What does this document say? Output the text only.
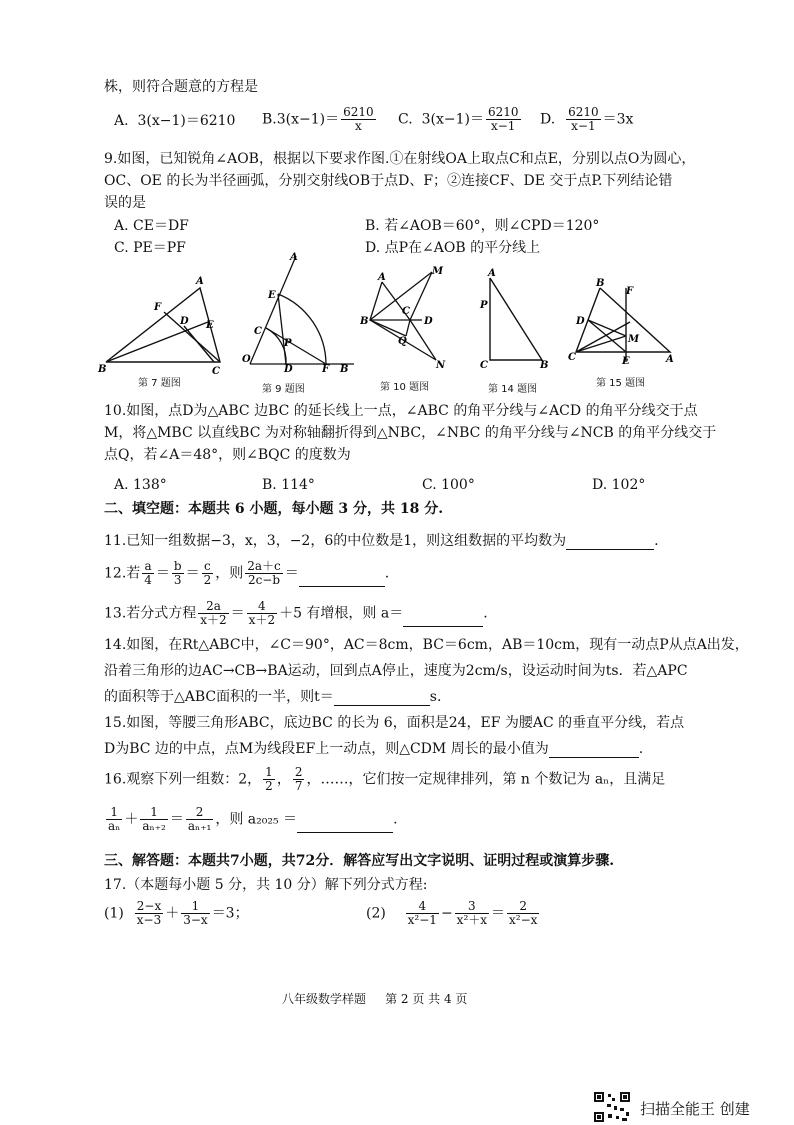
株，则符合题意的方程是
A. 3(x−1)＝6210 $B.3(x-1)= \frac{6210}{x} C$. $3(x-1)= \frac{6210}{x-1} D$. $\frac{6210}{x-1} =3x$
9.如图，已知锐角∠AOB，根据以下要求作图.①在射线OA上取点C和点E，分别以点O为圆心，
OC、OE 的长为半径画弧，分别交射线OB于点D、F；②连接CF、DE 交于点P.下列结论错
误的是
A. CE＝DF	B. 若∠AOB＝60°，则∠CPD＝120°
C. PE＝PF	D. 点P在∠AOB 的平分线上
B	C
A
F
D E
第 7 题图
O
A
E
C
P
D	F B
第 9 题图
A
M
B
C
D
Q
N
第 10 题图
A
P
C	B
第 14 题图
B
F
D
M
C	E	A
第 15 题图
10.如图，点D为△ABC 边BC 的延长线上一点，∠ABC 的角平分线与∠ACD 的角平分线交于点
M，将△MBC 以直线BC 为对称轴翻折得到△NBC，∠NBC 的角平分线与∠NCB 的角平分线交于
点Q，若∠A＝48°，则∠BQC 的度数为
A. 138°	B. 114°	C. 100°	D. 102°
二、填空题：本题共 6 小题，每小题 3 分，共 18 分.
11.已知一组数据−3，x，3，−2，6的中位数是1，则这组数据的平均数为	.
12.若 $\frac{a}{4} = \frac{b}{3} = \frac{c}{2}$ ，则 $\frac{2a+c}{2c-b}$ ＝	.
13.若分式方程 $\frac{2a}{x+2} = \frac{4}{x+2} +5$ 有增根，则 a＝	.
14.如图，在Rt△ABC中，∠C＝90°，AC＝8cm，BC＝6cm，AB＝10cm，现有一动点P从点A出发，
沿着三角形的边AC→CB→BA运动，回到点A停止，速度为2cm/s，设运动时间为ts．若△APC
的面积等于△ABC面积的一半，则t＝	s.
15.如图，等腰三角形ABC，底边BC 的长为 6，面积是24，EF 为腰AC 的垂直平分线，若点
D为BC 边的中点，点M为线段EF上一动点，则△CDM 周长的最小值为	.
16.观察下列一组数：2， $\frac{1}{2}$ ， $\frac{2}{7}$ ，……，它们按一定规律排列，第 n 个数记为 aₙ，且满足
$\frac{1}{\text{aₙ}} + \frac{1}{\text{aₙ₊₂}} = \frac{2}{\text{aₙ₊₁}}$ ，则 a₂₀₂₅ ＝	.
三、解答题：本题共7小题，共72分．解答应写出文字说明、证明过程或演算步骤.
17.（本题每小题 5 分，共 10 分）解下列分式方程:
$(1) \frac{2-x}{x-3} + \frac{1}{3-x} =3$；	$(2) \frac{4}{\text{x²−1}} - \frac{3}{\text{x²＋x}} = \frac{2}{\text{x²−x}}$
八年级数学样题 第 2 页 共 4 页
扫描全能王 创建
